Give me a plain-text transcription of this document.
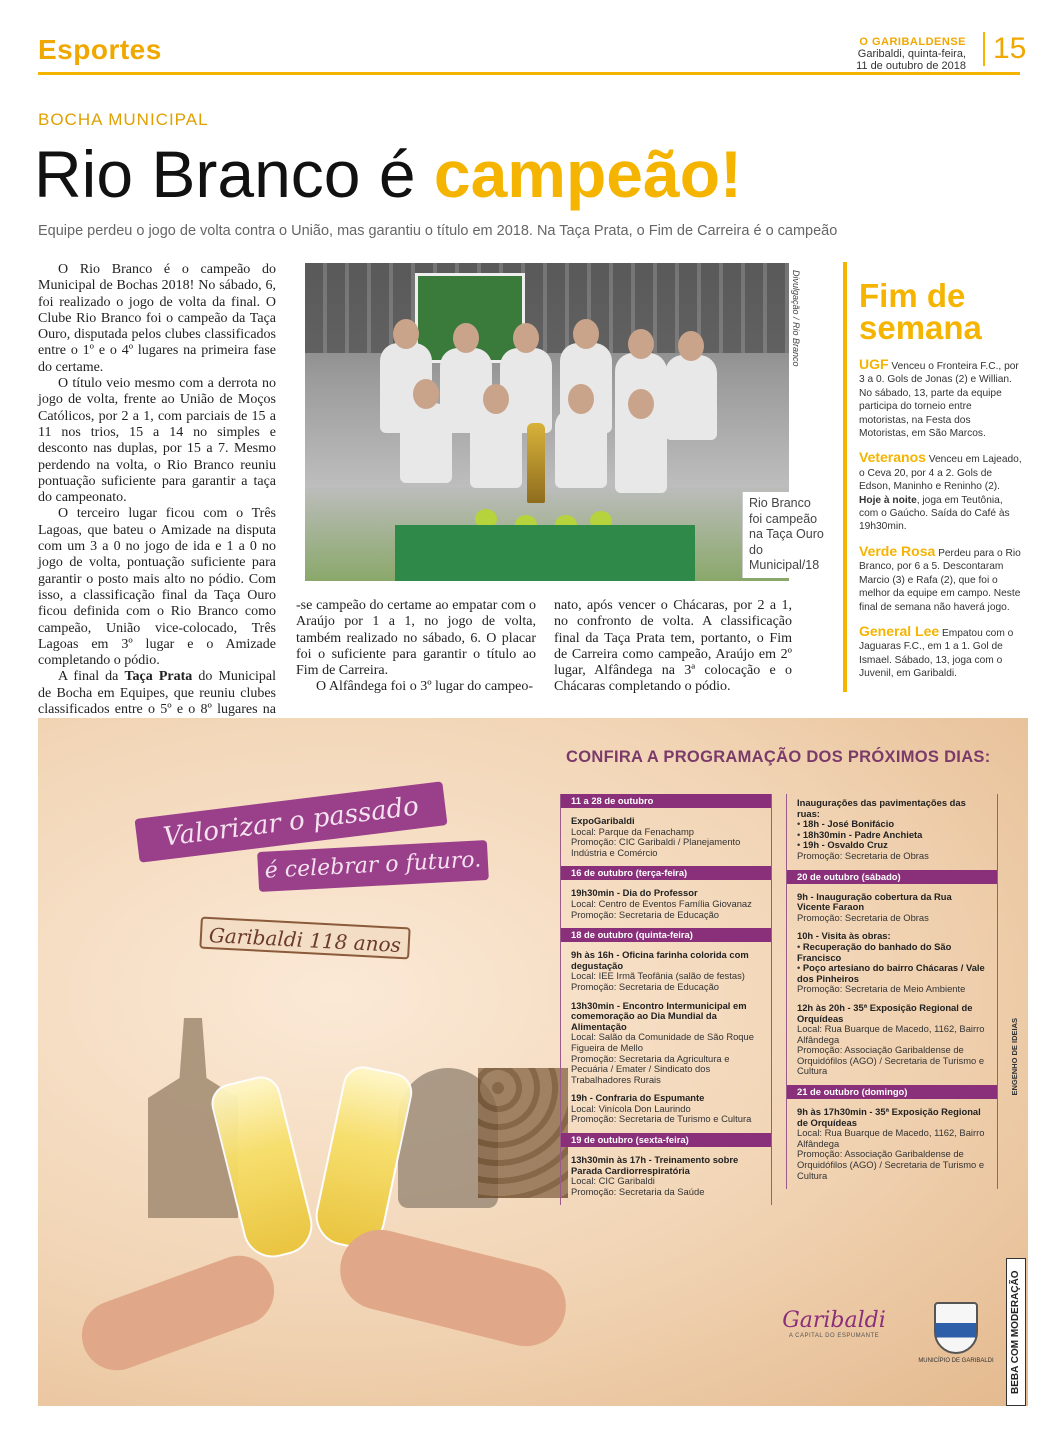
Esportes	O GARIBALDENSE
Garibaldi, quinta-feira,
11 de outubro de 2018
15
BOCHA MUNICIPAL
Rio Branco é campeão!
Equipe perdeu o jogo de volta contra o União, mas garantiu o título em 2018. Na Taça Prata, o Fim de Carreira é o campeão

O Rio Branco é o campeão do Municipal de Bochas 2018! No sábado, 6, foi realizado o jogo de volta da final. O Clube Rio Branco foi o campeão da Taça Ouro, disputada pelos clubes classificados entre o 1º e o 4º lugares na primeira fase do certame.

O título veio mesmo com a derrota no jogo de volta, frente ao União de Moços Católicos, por 2 a 1, com parciais de 15 a 11 nos trios, 15 a 14 no simples e desconto nas duplas, por 15 a 7. Mesmo perdendo na volta, o Rio Branco reuniu pontuação suficiente para garantir a taça do campeonato.

O terceiro lugar ficou com o Três Lagoas, que bateu o Amizade na disputa com um 3 a 0 no jogo de ida e 1 a 0 no jogo de volta, pontuação suficiente para garantir o posto mais alto no pódio. Com isso, a classificação final da Taça Ouro ficou definida com o Rio Branco como campeão, União vice-colocado, Três Lagoas em 3º lugar e o Amizade completando o pódio.

A final da Taça Prata do Municipal de Bocha em Equipes, que reuniu clubes classificados entre o 5º e o 8º lugares na

Rio Branco foi campeão na Taça Ouro do Municipal/18
Divulgação / Rio Branco
-se campeão do certame ao empatar com o Araújo por 1 a 1, no jogo de volta, também realizado no sábado, 6. O placar foi o suficiente para garantir o título ao Fim de Carreira.

O Alfândega foi o 3º lugar do campeo-

nato, após vencer o Chácaras, por 2 a 1, no confronto de volta. A classificação final da Taça Prata tem, portanto, o Fim de Carreira como campeão, Araújo em 2º lugar, Alfândega na 3ª colocação e o Chácaras completando o pódio.
Fim de
semana
UGF Venceu o Fronteira F.C., por 3 a 0. Gols de Jonas (2) e Willian. No sábado, 13, parte da equipe participa do torneio entre motoristas, na Festa dos Motoristas, em São Marcos.
Veteranos Venceu em Lajeado, o Ceva 20, por 4 a 2. Gols de Edson, Maninho e Reninho (2). Hoje à noite, joga em Teutônia, com o Gaúcho. Saída do Café às 19h30min.
Verde Rosa Perdeu para o Rio Branco, por 6 a 5. Descontaram Marcio (3) e Rafa (2), que foi o melhor da equipe em campo. Neste final de semana não haverá jogo.
General Lee Empatou com o Jaguaras F.C., em 1 a 1. Gol de Ismael. Sábado, 13, joga com o Juvenil, em Garibaldi.
Valorizar o passado
é celebrar o futuro.
Garibaldi 118 anos
CONFIRA A PROGRAMAÇÃO DOS PRÓXIMOS DIAS:
11 a 28 de outubro
ExpoGaribaldi
Local: Parque da Fenachamp
Promoção: CIC Garibaldi / Planejamento Indústria e Comércio
16 de outubro (terça-feira)
19h30min - Dia do Professor
Local: Centro de Eventos Família Giovanaz
Promoção: Secretaria de Educação
18 de outubro (quinta-feira)
9h às 16h - Oficina farinha colorida com degustação
Local: IEE Irmã Teofânia (salão de festas)
Promoção: Secretaria de Educação
13h30min - Encontro Intermunicipal em comemoração ao Dia Mundial da Alimentação
Local: Salão da Comunidade de São Roque Figueira de Mello
Promoção: Secretaria da Agricultura e Pecuária / Emater / Sindicato dos Trabalhadores Rurais
19h - Confraria do Espumante
Local: Vinícola Don Laurindo
Promoção: Secretaria de Turismo e Cultura
19 de outubro (sexta-feira)
13h30min às 17h - Treinamento sobre Parada Cardiorrespiratória
Local: CIC Garibaldi
Promoção: Secretaria da Saúde
Inaugurações das pavimentações das ruas:
• 18h - José Bonifácio
• 18h30min - Padre Anchieta
• 19h - Osvaldo Cruz
Promoção: Secretaria de Obras
20 de outubro (sábado)
9h - Inauguração cobertura da Rua Vicente Faraon
Promoção: Secretaria de Obras
10h - Visita às obras:
• Recuperação do banhado do São Francisco
• Poço artesiano do bairro Chácaras / Vale dos Pinheiros
Promoção: Secretaria de Meio Ambiente
12h às 20h - 35ª Exposição Regional de Orquídeas
Local: Rua Buarque de Macedo, 1162, Bairro Alfândega
Promoção: Associação Garibaldense de Orquidófilos (AGO) / Secretaria de Turismo e Cultura
21 de outubro (domingo)
9h às 17h30min - 35ª Exposição Regional de Orquídeas
Local: Rua Buarque de Macedo, 1162, Bairro Alfândega
Promoção: Associação Garibaldense de Orquidófilos (AGO) / Secretaria de Turismo e Cultura
ENGENHO DE IDEIAS
BEBA COM MODERAÇÃO
Garibaldi
A CAPITAL DO ESPUMANTE
MUNICÍPIO DE GARIBALDI
